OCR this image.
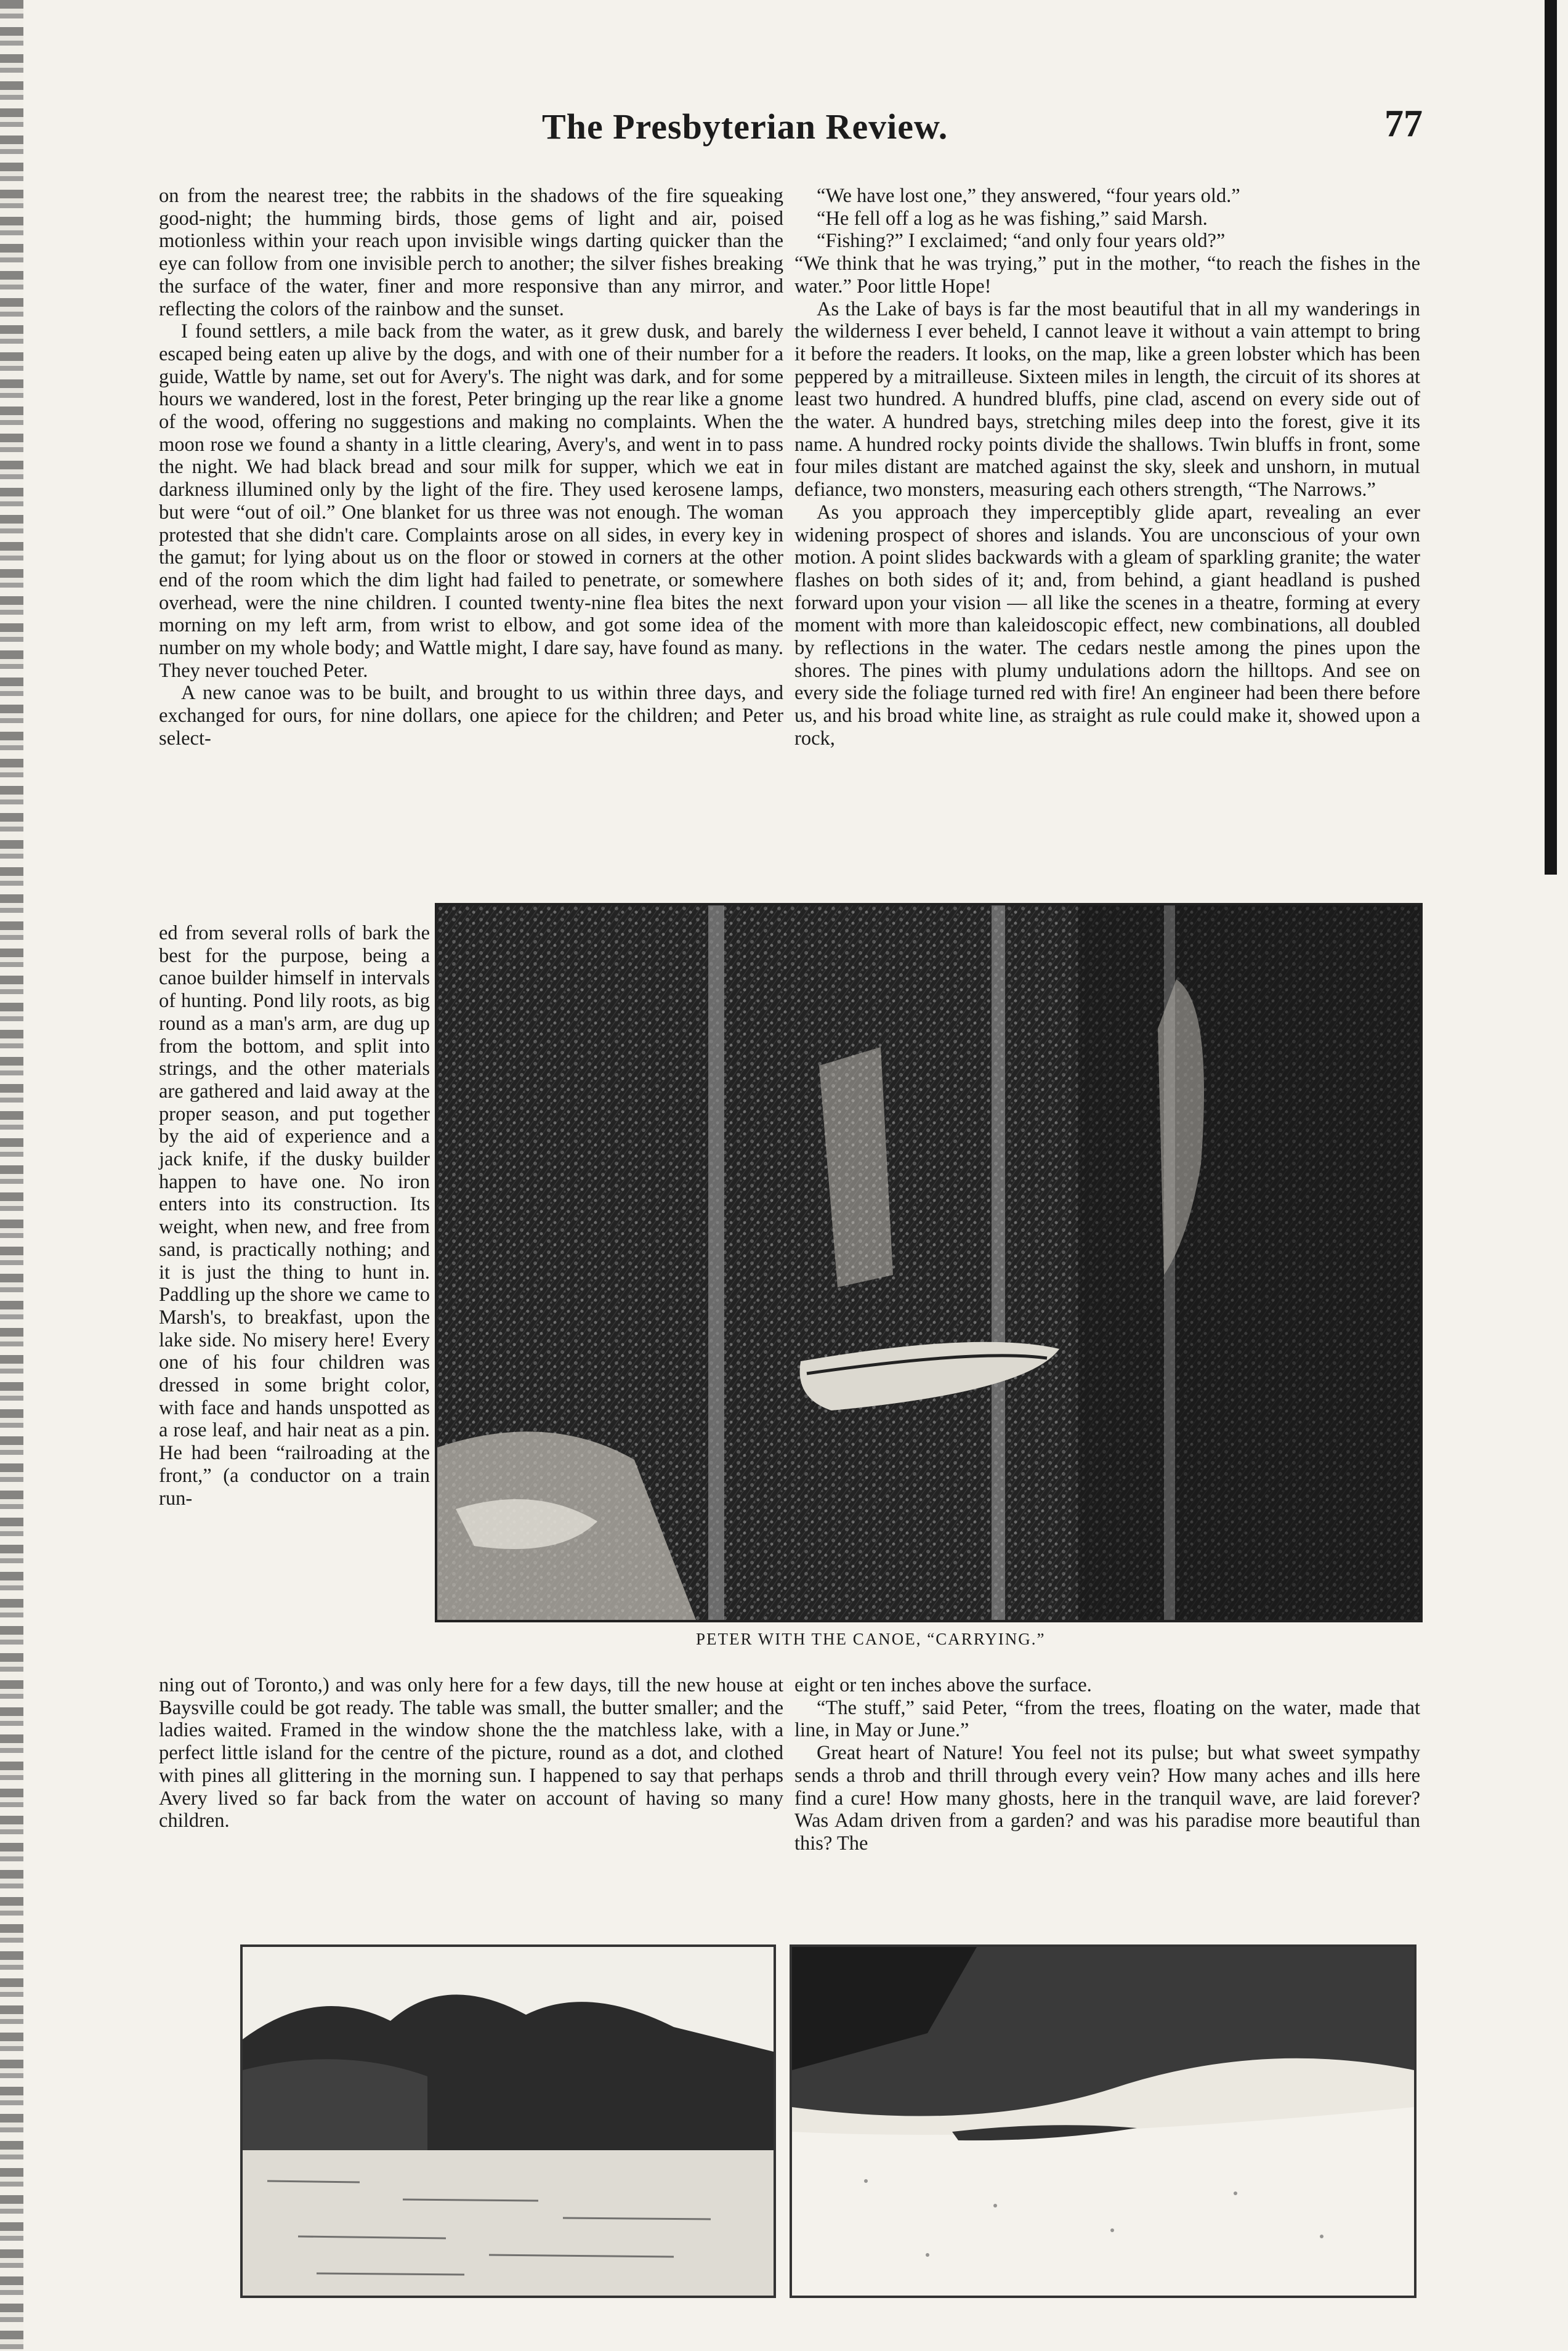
The Presbyterian Review.	77

on from the nearest tree; the rabbits in the shadows of the fire squeaking good-night; the humming birds, those gems of light and air, poised motionless within your reach upon invisible wings darting quicker than the eye can follow from one invisible perch to another; the silver fishes breaking the surface of the water, finer and more responsive than any mirror, and reflecting the colors of the rainbow and the sunset.

I found settlers, a mile back from the water, as it grew dusk, and barely escaped being eaten up alive by the dogs, and with one of their number for a guide, Wattle by name, set out for Avery's. The night was dark, and for some hours we wandered, lost in the forest, Peter bringing up the rear like a gnome of the wood, offering no suggestions and making no complaints. When the moon rose we found a shanty in a little clearing, Avery's, and went in to pass the night. We had black bread and sour milk for supper, which we eat in darkness illumined only by the light of the fire. They used kerosene lamps, but were “out of oil.” One blanket for us three was not enough. The woman protested that she didn't care. Complaints arose on all sides, in every key in the gamut; for lying about us on the floor or stowed in corners at the other end of the room which the dim light had failed to penetrate, or somewhere overhead, were the nine children. I counted twenty-nine flea bites the next morning on my left arm, from wrist to elbow, and got some idea of the number on my whole body; and Wattle might, I dare say, have found as many. They never touched Peter.

A new canoe was to be built, and brought to us within three days, and exchanged for ours, for nine dollars, one apiece for the children; and Peter select-

ed from several rolls of bark the best for the purpose, being a canoe builder himself in intervals of hunting. Pond lily roots, as big round as a man's arm, are dug up from the bottom, and split into strings, and the other materials are gathered and laid away at the proper season, and put together by the aid of experience and a jack knife, if the dusky builder happen to have one. No iron enters into its construction. Its weight, when new, and free from sand, is practically nothing; and it is just the thing to hunt in. Paddling up the shore we came to Marsh's, to breakfast, upon the lake side. No misery here! Every one of his four children was dressed in some bright color, with face and hands unspotted as a rose leaf, and hair neat as a pin. He had been “railroading at the front,” (a conductor on a train run-

ning out of Toronto,) and was only here for a few days, till the new house at Baysville could be got ready. The table was small, the butter smaller; and the ladies waited. Framed in the window shone the the matchless lake, with a perfect little island for the centre of the picture, round as a dot, and clothed with pines all glittering in the morning sun. I happened to say that perhaps Avery lived so far back from the water on account of having so many children.

“We have lost one,” they answered, “four years old.”

“He fell off a log as he was fishing,” said Marsh.

“Fishing?” I exclaimed; “and only four years old?”

“We think that he was trying,” put in the mother, “to reach the fishes in the water.” Poor little Hope!

As the Lake of bays is far the most beautiful that in all my wanderings in the wilderness I ever beheld, I cannot leave it without a vain attempt to bring it before the readers. It looks, on the map, like a green lobster which has been peppered by a mitrailleuse. Sixteen miles in length, the circuit of its shores at least two hundred. A hundred bluffs, pine clad, ascend on every side out of the water. A hundred bays, stretching miles deep into the forest, give it its name. A hundred rocky points divide the shallows. Twin bluffs in front, some four miles distant are matched against the sky, sleek and unshorn, in mutual defiance, two monsters, measuring each others strength, “The Narrows.”

As you approach they imperceptibly glide apart, revealing an ever widening prospect of shores and islands. You are unconscious of your own motion. A point slides backwards with a gleam of sparkling granite; the water flashes on both sides of it; and, from behind, a giant headland is pushed forward upon your vision — all like the scenes in a theatre, forming at every moment with more than kaleidoscopic effect, new combinations, all doubled by reflections in the water. The cedars nestle among the pines upon the shores. The pines with plumy undulations adorn the hilltops. And see on every side the foliage turned red with fire! An engineer had been there before us, and his broad white line, as straight as rule could make it, showed upon a rock,

eight or ten inches above the surface.

“The stuff,” said Peter, “from the trees, floating on the water, made that line, in May or June.”

Great heart of Nature! You feel not its pulse; but what sweet sympathy sends a throb and thrill through every vein? How many aches and ills here find a cure! How many ghosts, here in the tranquil wave, are laid forever? Was Adam driven from a garden? and was his paradise more beautiful than this? The

PETER WITH THE CANOE, “CARRYING.”
